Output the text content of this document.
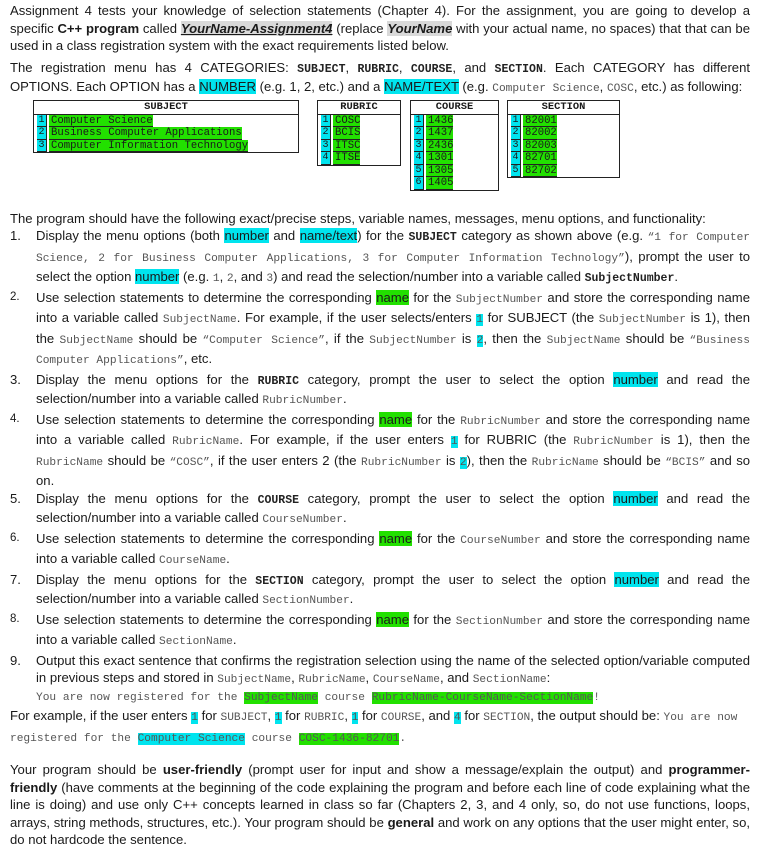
Assignment 4 tests your knowledge of selection statements (Chapter 4). For the assignment, you are going to develop a specific C++ program called YourName-Assignment4 (replace YourName with your actual name, no spaces) that that can be used in a class registration system with the exact requirements listed below.

The registration menu has 4 CATEGORIES: SUBJECT, RUBRIC, COURSE, and SECTION. Each CATEGORY has different OPTIONS. Each OPTION has a NUMBER (e.g. 1, 2, etc.) and a NAME/TEXT (e.g. Computer Science, COSC, etc.) as following:

SUBJECT
1 Computer Science
2 Business Computer Applications
3 Computer Information Technology
RUBRIC
1 COSC
2 BCIS
3 ITSC
4 ITSE
COURSE
1 1436
2 1437
3 2436
4 1301
5 1305
6 1405
SECTION
1 82001
2 82002
3 82003
4 82701
5 82702

The program should have the following exact/precise steps, variable names, messages, menu options, and functionality:

1. Display the menu options (both number and name/text) for the SUBJECT category as shown above (e.g. “1 for Computer Science, 2 for Business Computer Applications, 3 for Computer Information Technology”), prompt the user to select the option number (e.g. 1, 2, and 3) and read the selection/number into a variable called SubjectNumber.
2. Use selection statements to determine the corresponding name for the SubjectNumber and store the corresponding name into a variable called SubjectName. For example, if the user selects/enters 1 for SUBJECT (the SubjectNumber is 1), then the SubjectName should be “Computer Science”, if the SubjectNumber is 2, then the SubjectName should be “Business Computer Applications”, etc.
3. Display the menu options for the RUBRIC category, prompt the user to select the option number and read the selection/number into a variable called RubricNumber.
4. Use selection statements to determine the corresponding name for the RubricNumber and store the corresponding name into a variable called RubricName. For example, if the user enters 1 for RUBRIC (the RubricNumber is 1), then the RubricName should be “COSC”, if the user enters 2 (the RubricNumber is 2), then the RubricName should be “BCIS” and so on.
5. Display the menu options for the COURSE category, prompt the user to select the option number and read the selection/number into a variable called CourseNumber.
6. Use selection statements to determine the corresponding name for the CourseNumber and store the corresponding name into a variable called CourseName.
7. Display the menu options for the SECTION category, prompt the user to select the option number and read the selection/number into a variable called SectionNumber.
8. Use selection statements to determine the corresponding name for the SectionNumber and store the corresponding name into a variable called SectionName.
9. Output this exact sentence that confirms the registration selection using the name of the selected option/variable computed in previous steps and stored in SubjectName, RubricName, CourseName, and SectionName:
You are now registered for the SubjectName course RubricName-CourseName-SectionName!

For example, if the user enters 1 for SUBJECT, 1 for RUBRIC, 1 for COURSE, and 4 for SECTION, the output should be: You are now registered for the Computer Science course COSC-1436-82701.

Your program should be user-friendly (prompt user for input and show a message/explain the output) and programmer-friendly (have comments at the beginning of the code explaining the program and before each line of code explaining what the line is doing) and use only C++ concepts learned in class so far (Chapters 2, 3, and 4 only, so, do not use functions, loops, arrays, string methods, structures, etc.). Your program should be general and work on any options that the user might enter, so, do not hardcode the sentence.
